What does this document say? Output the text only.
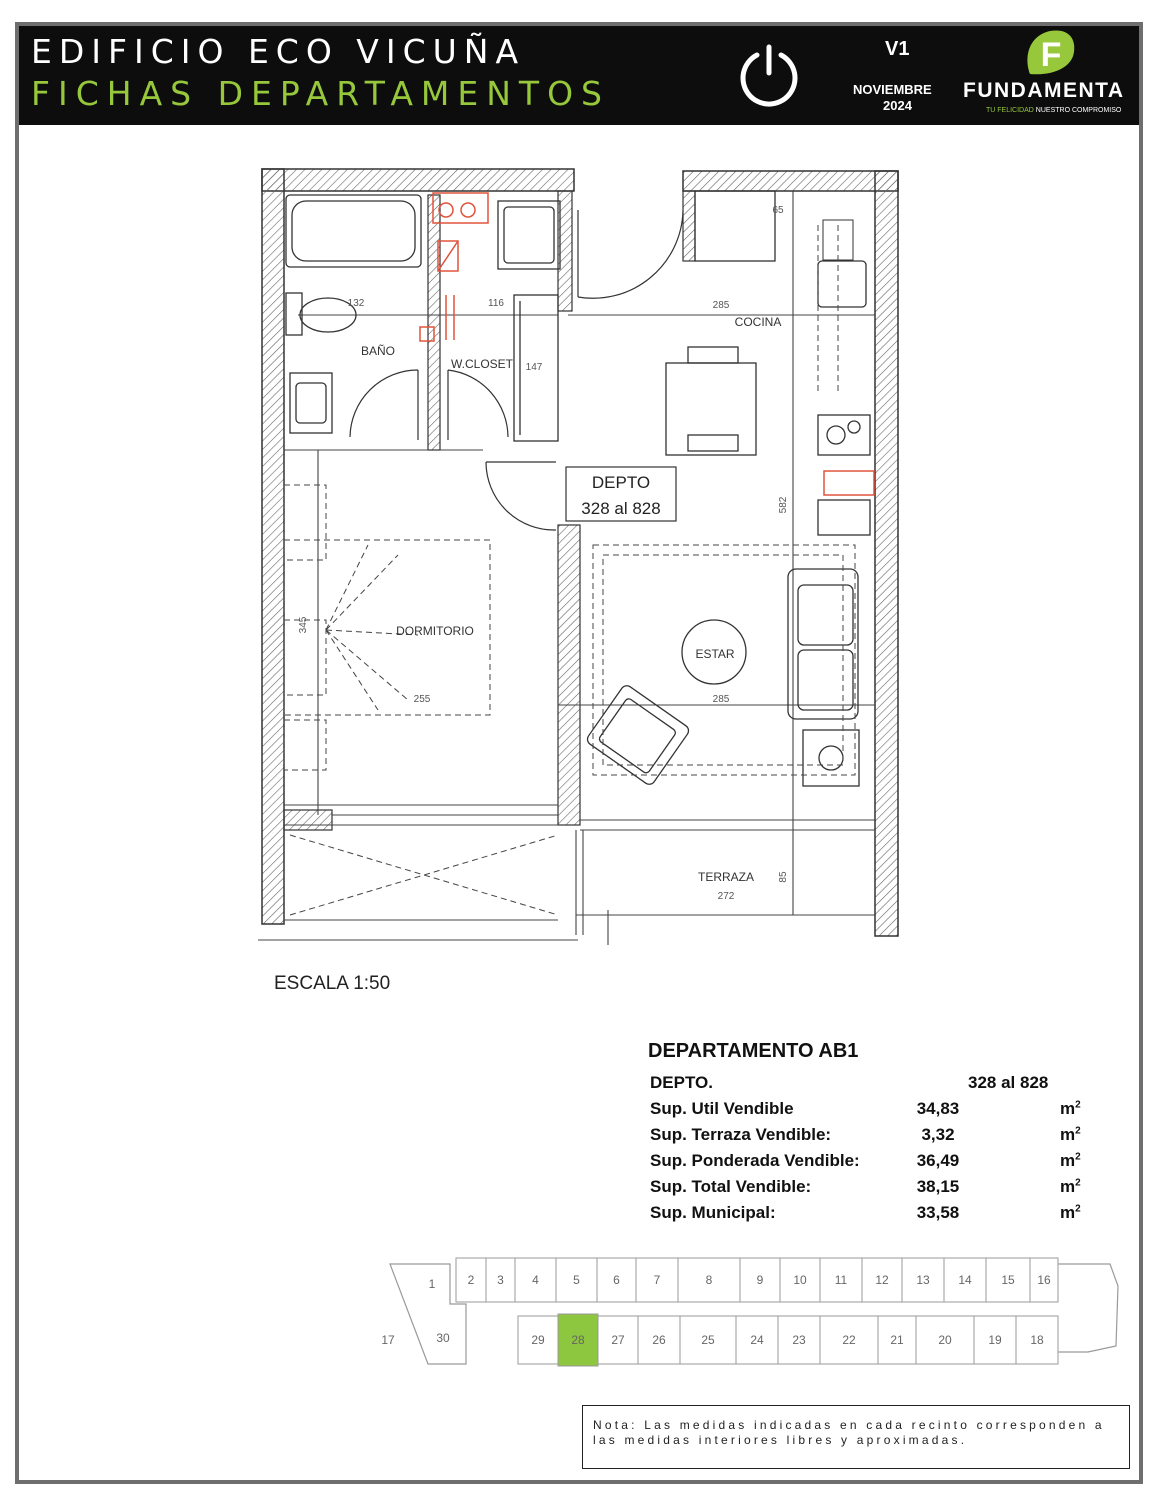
EDIFICIO ECO VICUÑA
FICHAS DEPARTAMENTOS
V1
NOVIEMBRE
2024
F
FUNDAMENTA
TU FELICIDAD NUESTRO COMPROMISO
BAÑO
W.CLOSET
COCINA
DORMITORIO
ESTAR
TERRAZA
132	116	285
65
147
582
345
255	285
85
272
DEPTO
328 al 828
ESCALA 1:50
DEPARTAMENTO AB1
DEPTO.	328 al 828
Sup. Util Vendible	34,83	$m^2$
Sup. Terraza Vendible:	3,32	$m^2$
Sup. Ponderada Vendible:	36,49	$m^2$
Sup. Total Vendible:	38,15	$m^2$
Sup. Municipal:	33,58	$m^2$
1	2 3 4	5	6	7	8	9 10 11 12 13 14 15 16
30	29 28 27 26	25	24 23	22	21	20	19 18
17
Nota: Las medidas indicadas en cada recinto corresponden a las medidas interiores libres y aproximadas.
